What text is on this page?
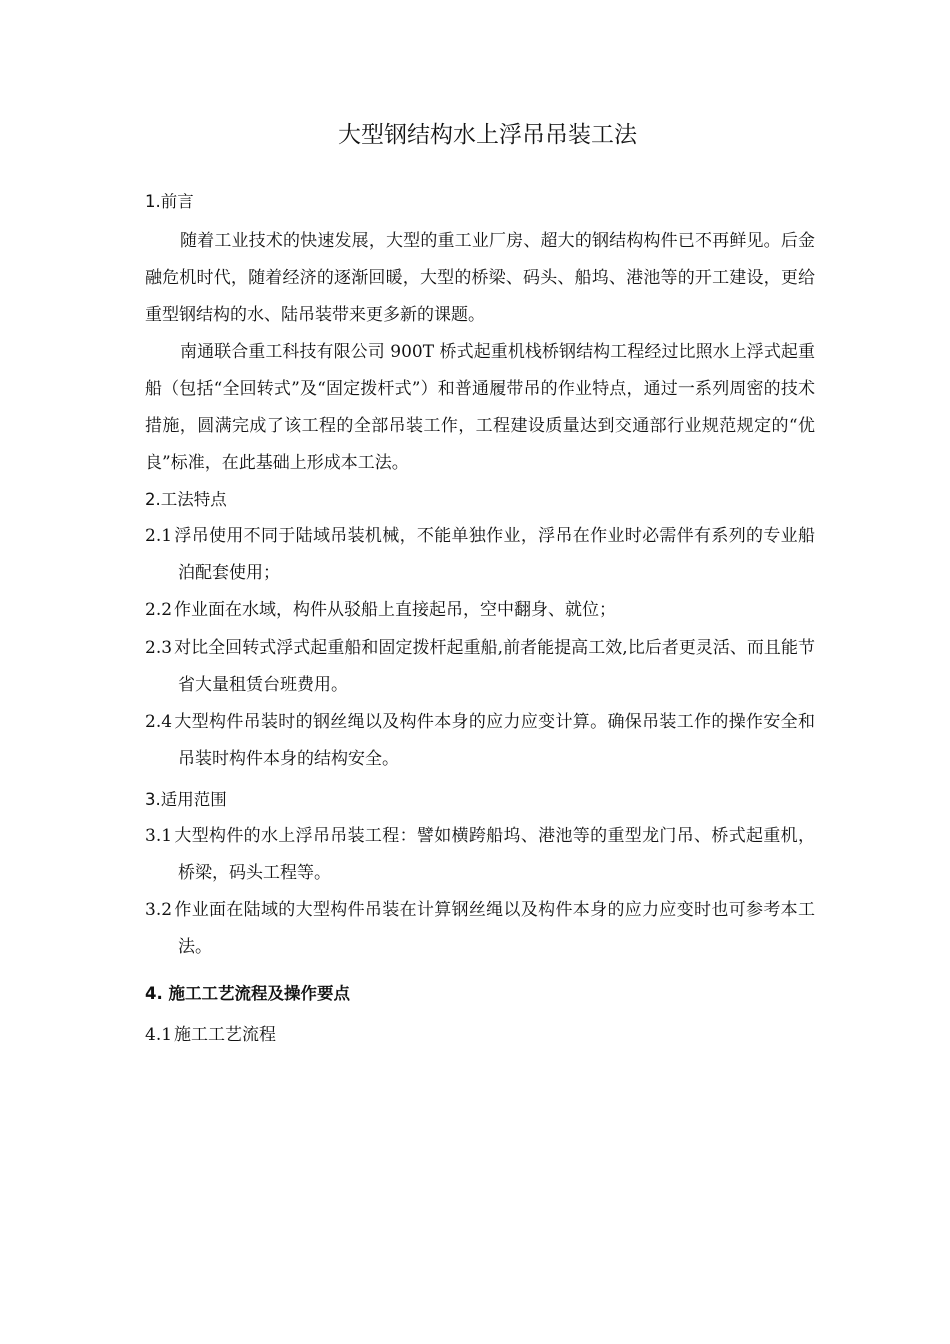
大型钢结构水上浮吊吊装工法
1.前言
随着工业技术的快速发展，大型的重工业厂房、超大的钢结构构件已不再鲜见。后金融危机时代，随着经济的逐渐回暖，大型的桥梁、码头、船坞、港池等的开工建设，更给重型钢结构的水、陆吊装带来更多新的课题。
南通联合重工科技有限公司 900T 桥式起重机栈桥钢结构工程经过比照水上浮式起重船（包括“全回转式”及“固定拨杆式”）和普通履带吊的作业特点，通过一系列周密的技术措施，圆满完成了该工程的全部吊装工作，工程建设质量达到交通部行业规范规定的“优良”标准，在此基础上形成本工法。
2.工法特点
2.1 浮吊使用不同于陆域吊装机械，不能单独作业，浮吊在作业时必需伴有系列的专业船泊配套使用；
2.2 作业面在水域，构件从驳船上直接起吊，空中翻身、就位；
2.3 对比全回转式浮式起重船和固定拨杆起重船,前者能提高工效,比后者更灵活、而且能节省大量租赁台班费用。
2.4 大型构件吊装时的钢丝绳以及构件本身的应力应变计算。确保吊装工作的操作安全和吊装时构件本身的结构安全。
3.适用范围
3.1 大型构件的水上浮吊吊装工程：譬如横跨船坞、港池等的重型龙门吊、桥式起重机，桥梁，码头工程等。
3.2 作业面在陆域的大型构件吊装在计算钢丝绳以及构件本身的应力应变时也可参考本工法。
4. 施工工艺流程及操作要点
4.1 施工工艺流程
